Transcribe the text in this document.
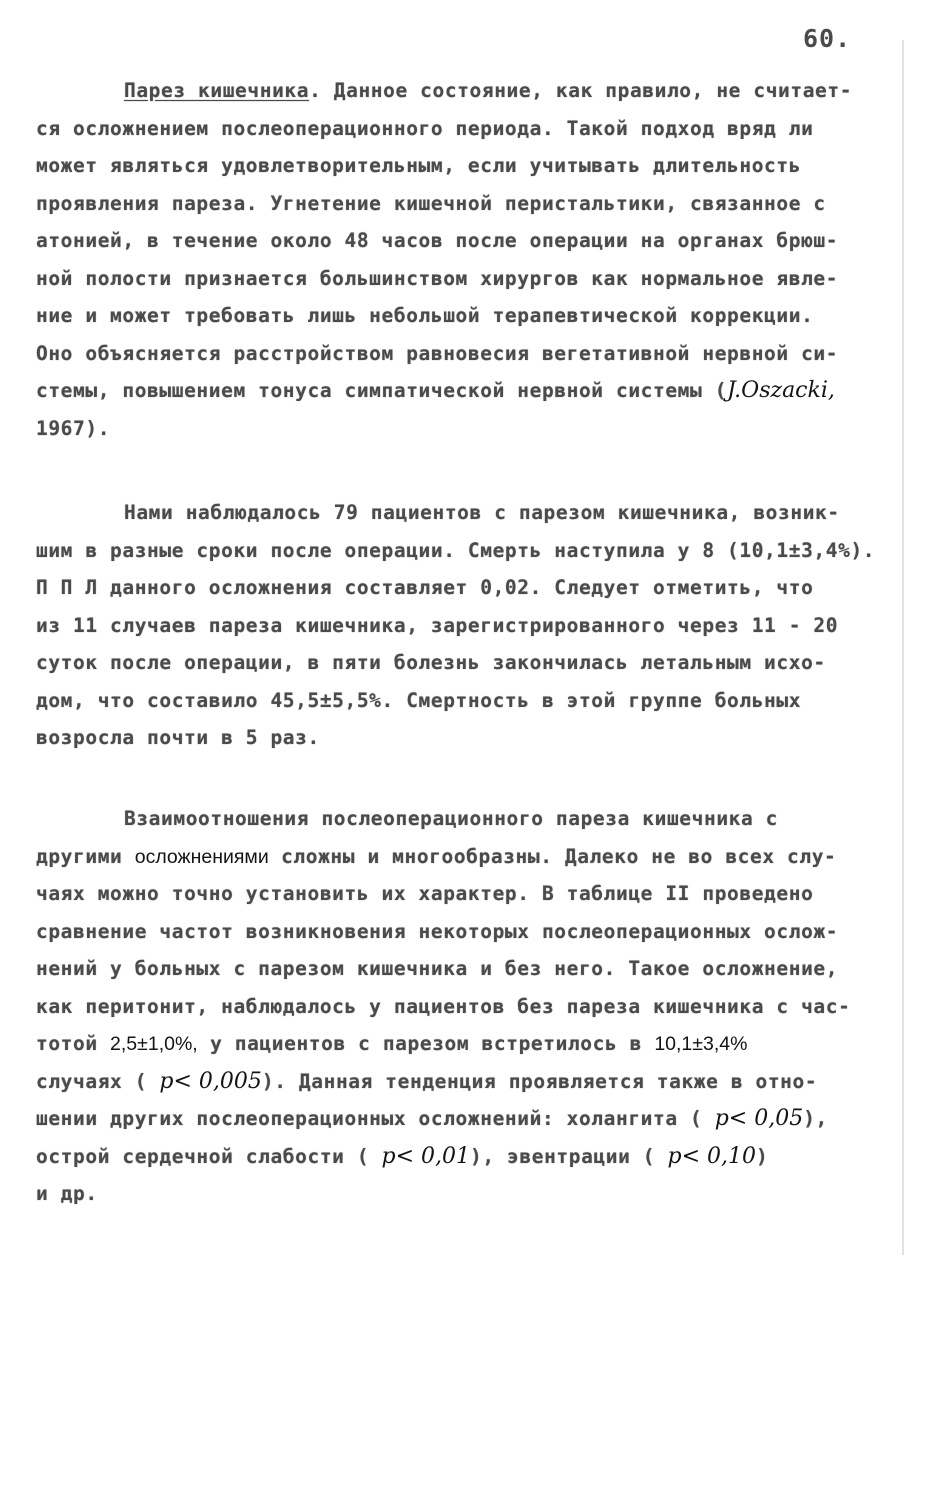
60.
Парез кишечника. Данное состояние, как правило, не считает-
ся осложнением послеоперационного периода. Такой подход вряд ли
может являться удовлетворительным, если учитывать длительность
проявления пареза. Угнетение кишечной перистальтики, связанное с
атонией, в течение около 48 часов после операции на органах брюш-
ной полости признается большинством хирургов как нормальное явле-
ние и может требовать лишь небольшой терапевтической коррекции.
Оно объясняется расстройством равновесия вегетативной нервной си-
стемы, повышением тонуса симпатической нервной системы (J.Oszacki,
1967).
Нами наблюдалось 79 пациентов с парезом кишечника, возник-
шим в разные сроки после операции. Смерть наступила у 8 (10,1±3,4%).
П П Л данного осложнения составляет 0,02. Следует отметить, что
из 11 случаев пареза кишечника, зарегистрированного через 11 - 20
суток после операции, в пяти болезнь закончилась летальным исхо-
дом, что составило 45,5±5,5%. Смертность в этой группе больных
возросла почти в 5 раз.
Взаимоотношения послеоперационного пареза кишечника с
другими осложнениями сложны и многообразны. Далеко не во всех слу-
чаях можно точно установить их характер. В таблице II проведено
сравнение частот возникновения некоторых послеоперационных ослож-
нений у больных с парезом кишечника и без него. Такое осложнение,
как перитонит, наблюдалось у пациентов без пареза кишечника с час-
тотой 2,5±1,0%, у пациентов с парезом встретилось в 10,1±3,4%
случаях ( p< 0,005). Данная тенденция проявляется также в отно-
шении других послеоперационных осложнений: холангита ( p< 0,05),
острой сердечной слабости ( p< 0,01), эвентрации ( p< 0,10)
и др.
